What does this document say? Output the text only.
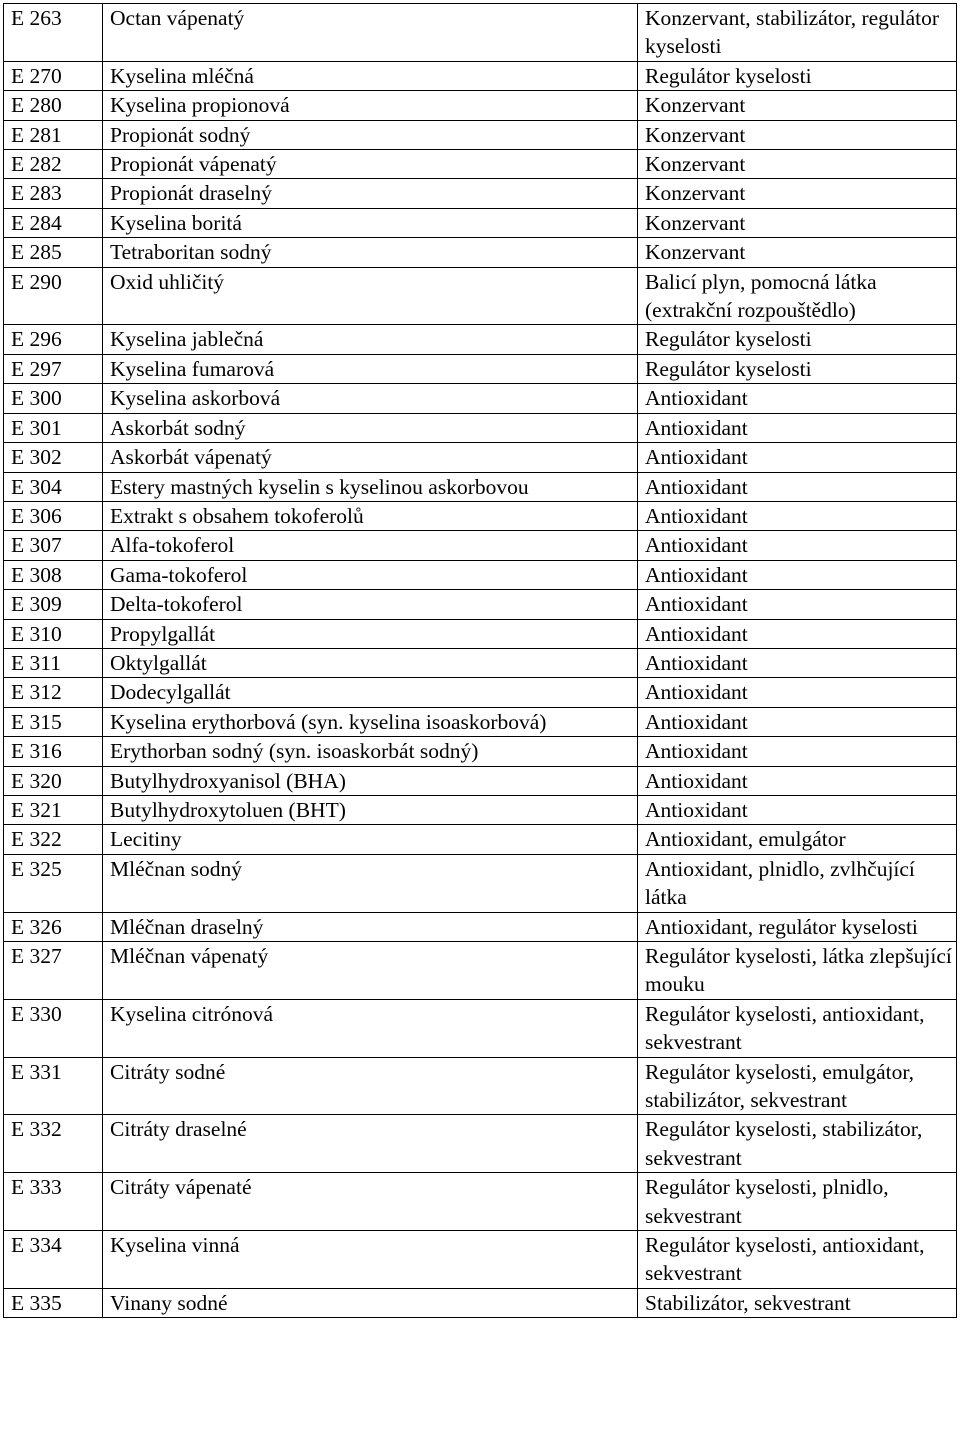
E 263	Octan vápenatý	Konzervant, stabilizátor, regulátor kyselosti
E 270	Kyselina mléčná	Regulátor kyselosti
E 280	Kyselina propionová	Konzervant
E 281	Propionát sodný	Konzervant
E 282	Propionát vápenatý	Konzervant
E 283	Propionát draselný	Konzervant
E 284	Kyselina boritá	Konzervant
E 285	Tetraboritan sodný	Konzervant
E 290	Oxid uhličitý	Balicí plyn, pomocná látka (extrakční rozpouštědlo)
E 296	Kyselina jablečná	Regulátor kyselosti
E 297	Kyselina fumarová	Regulátor kyselosti
E 300	Kyselina askorbová	Antioxidant
E 301	Askorbát sodný	Antioxidant
E 302	Askorbát vápenatý	Antioxidant
E 304	Estery mastných kyselin s kyselinou askorbovou	Antioxidant
E 306	Extrakt s obsahem tokoferolů	Antioxidant
E 307	Alfa-tokoferol	Antioxidant
E 308	Gama-tokoferol	Antioxidant
E 309	Delta-tokoferol	Antioxidant
E 310	Propylgallát	Antioxidant
E 311	Oktylgallát	Antioxidant
E 312	Dodecylgallát	Antioxidant
E 315	Kyselina erythorbová (syn. kyselina isoaskorbová)	Antioxidant
E 316	Erythorban sodný (syn. isoaskorbát sodný)	Antioxidant
E 320	Butylhydroxyanisol (BHA)	Antioxidant
E 321	Butylhydroxytoluen (BHT)	Antioxidant
E 322	Lecitiny	Antioxidant, emulgátor
E 325	Mléčnan sodný	Antioxidant, plnidlo, zvlhčující látka
E 326	Mléčnan draselný	Antioxidant, regulátor kyselosti
E 327	Mléčnan vápenatý	Regulátor kyselosti, látka zlepšující mouku
E 330	Kyselina citrónová	Regulátor kyselosti, antioxidant, sekvestrant
E 331	Citráty sodné	Regulátor kyselosti, emulgátor, stabilizátor, sekvestrant
E 332	Citráty draselné	Regulátor kyselosti, stabilizátor, sekvestrant
E 333	Citráty vápenaté	Regulátor kyselosti, plnidlo, sekvestrant
E 334	Kyselina vinná	Regulátor kyselosti, antioxidant, sekvestrant
E 335	Vinany sodné	Stabilizátor, sekvestrant
